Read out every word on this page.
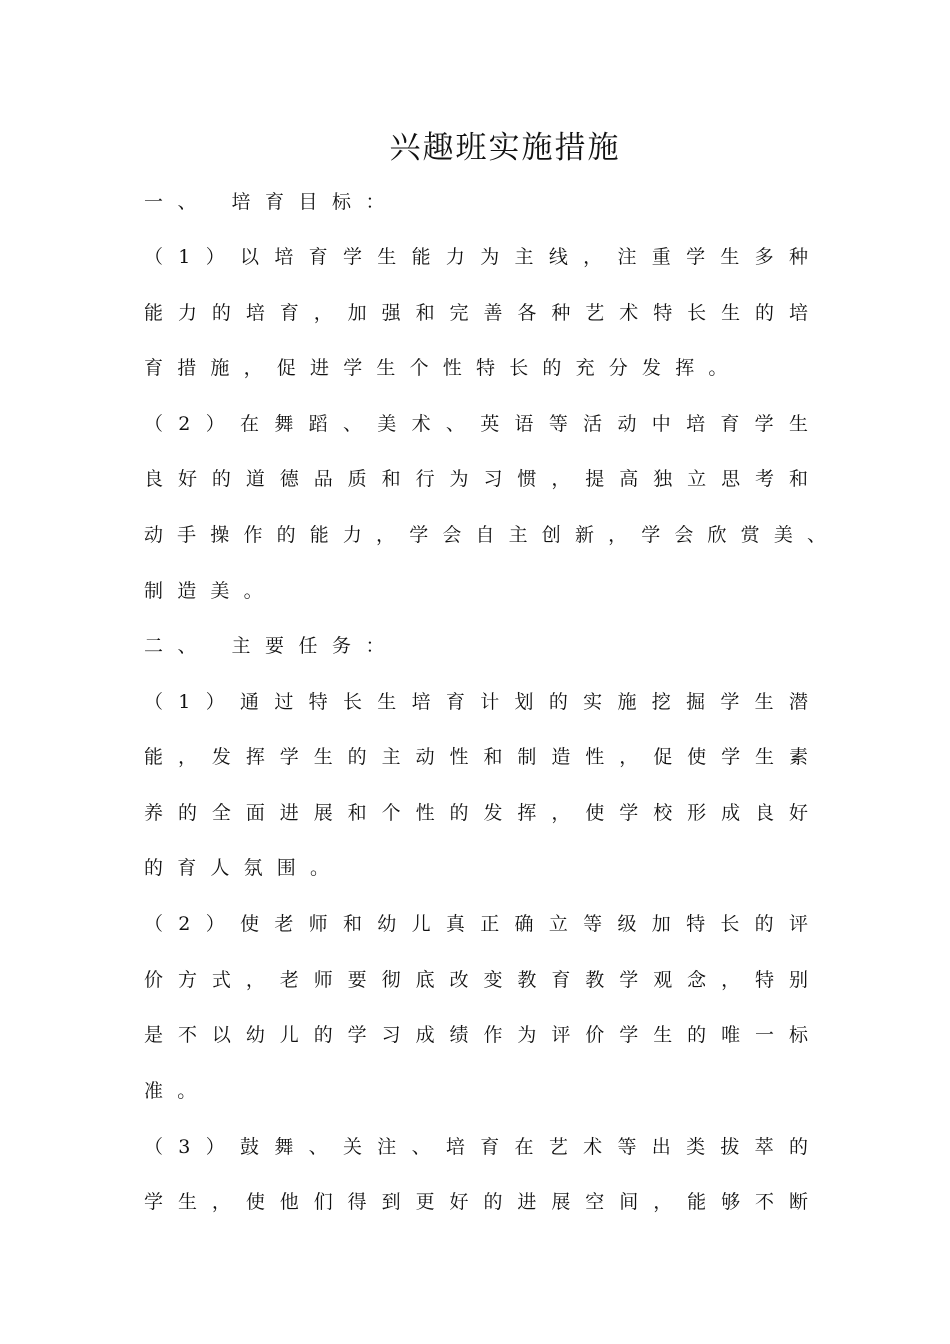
兴趣班实施措施
一、 培育目标：
（1）以培育学生能力为主线，注重学生多种
能力的培育，加强和完善各种艺术特长生的培
育措施，促进学生个性特长的充分发挥。
（2）在舞蹈、美术、英语等活动中培育学生
良好的道德品质和行为习惯，提高独立思考和
动手操作的能力，学会自主创新，学会欣赏美、
制造美。
二、 主要任务：
（1）通过特长生培育计划的实施挖掘学生潜
能，发挥学生的主动性和制造性，促使学生素
养的全面进展和个性的发挥，使学校形成良好
的育人氛围。
（2）使老师和幼儿真正确立等级加特长的评
价方式，老师要彻底改变教育教学观念，特别
是不以幼儿的学习成绩作为评价学生的唯一标
准。
（3）鼓舞、关注、培育在艺术等出类拔萃的
学生，使他们得到更好的进展空间，能够不断
